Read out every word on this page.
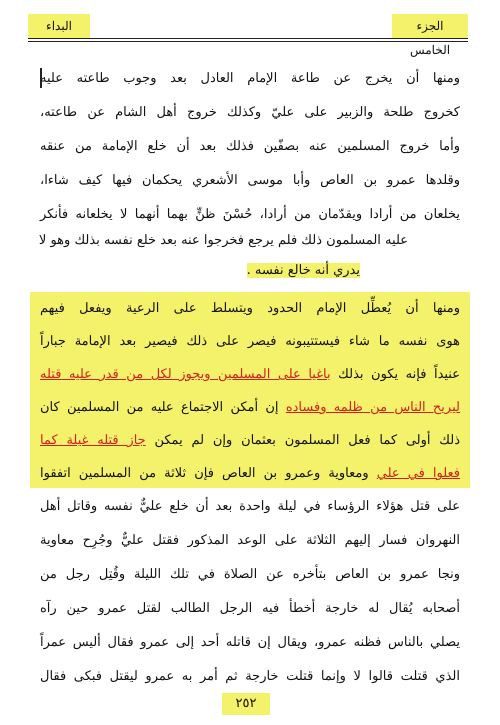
البداء	الجزء الخامس
ومنها أن يخرج عن طاعة الإمام العادل بعد وجوب طاعته عليه
كخروج طلحة والزبير على عليّ وكذلك خروج أهل الشام عن طاعته،
وأما خروج المسلمين عنه بصفّين فذلك بعد أن خلع الإمامة من عنقه
وقلدها عمرو بن العاص وأبا موسى الأشعري يحكمان فيها كيف شاءا،
يخلعان من أرادا ويقدّمان من أرادا، حُسْنَ ظنٍّ بهما أنهما لا يخلعانه فأنكر
عليه المسلمون ذلك فلم يرجع فخرجوا عنه بعد خلع نفسه بذلك وهو لا
يدري أنه خالع نفسه .
ومنها أن يُعطِّل الإمام الحدود ويتسلط على الرعية ويفعل فيهم
هوى نفسه ما شاء فيستتيبونه فيصر على ذلك فيصير بعد الإمامة جباراً
عنيداً فإنه يكون بذلك باغيا على المسلمين ويجوز لكل من قدر عليه قتله
ليريح الناس من ظلمه وفساده إن أمكن الاجتماع عليه من المسلمين كان
ذلك أولى كما فعل المسلمون بعثمان وإن لم يمكن جاز قتله غيلة كما
فعلوا في علي ومعاوية وعمرو بن العاص فإن ثلاثة من المسلمين اتفقوا
على قتل هؤلاء الرؤساء في ليلة واحدة بعد أن خلع عليٌّ نفسه وقاتل أهل
النهروان فسار إليهم الثلاثة على الوعد المذكور فقتل عليٌّ وجُرِح معاوية
ونجا عمرو بن العاص بتأخره عن الصلاة في تلك الليلة وقُتِل رجل من
أصحابه يُقال له خارجة أخطأ فيه الرجل الطالب لقتل عمرو حين رآه
يصلي بالناس فظنه عمرو، ويقال إن قاتله أحد إلى عمرو فقال أليس عمراً
الذي قتلت قالوا لا وإنما قتلت خارجة ثم أمر به عمرو ليقتل فبكى فقال
٢٥٢
